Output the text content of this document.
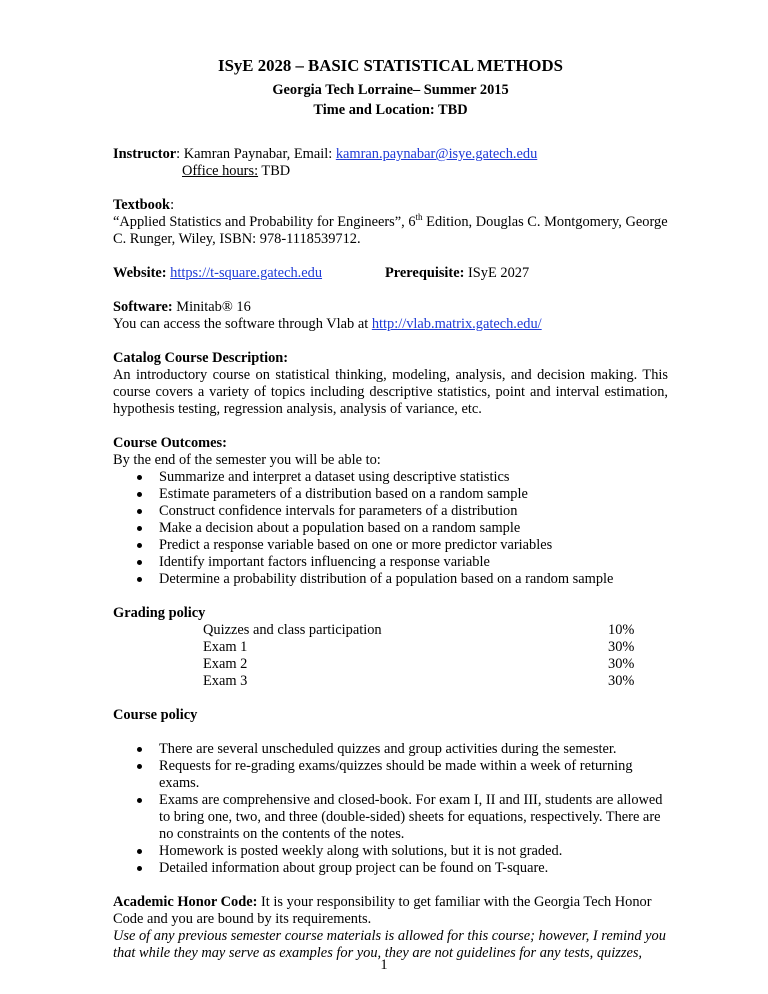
ISyE 2028 – BASIC STATISTICAL METHODS
Georgia Tech Lorraine– Summer 2015
Time and Location: TBD
Instructor: Kamran Paynabar, Email: kamran.paynabar@isye.gatech.edu
Office hours: TBD
Textbook:
“Applied Statistics and Probability for Engineers”, 6th Edition, Douglas C. Montgomery, George C. Runger, Wiley, ISBN: 978-1118539712.
Website: https://t-square.gatech.edu	Prerequisite: ISyE 2027
Software: Minitab® 16
You can access the software through Vlab at http://vlab.matrix.gatech.edu/
Catalog Course Description:
An introductory course on statistical thinking, modeling, analysis, and decision making. This course covers a variety of topics including descriptive statistics, point and interval estimation, hypothesis testing, regression analysis, analysis of variance, etc.
Course Outcomes:
By the end of the semester you will be able to:
Summarize and interpret a dataset using descriptive statistics
Estimate parameters of a distribution based on a random sample
Construct confidence intervals for parameters of a distribution
Make a decision about a population based on a random sample
Predict a response variable based on one or more predictor variables
Identify important factors influencing a response variable
Determine a probability distribution of a population based on a random sample
Grading policy
Quizzes and class participation	10%
Exam 1	30%
Exam 2	30%
Exam 3	30%
Course policy
There are several unscheduled quizzes and group activities during the semester.
Requests for re-grading exams/quizzes should be made within a week of returning exams.
Exams are comprehensive and closed-book. For exam I, II and III, students are allowed to bring one, two, and three (double-sided) sheets for equations, respectively. There are no constraints on the contents of the notes.
Homework is posted weekly along with solutions, but it is not graded.
Detailed information about group project can be found on T-square.
Academic Honor Code: It is your responsibility to get familiar with the Georgia Tech Honor Code and you are bound by its requirements.
Use of any previous semester course materials is allowed for this course; however, I remind you that while they may serve as examples for you, they are not guidelines for any tests, quizzes,
1
